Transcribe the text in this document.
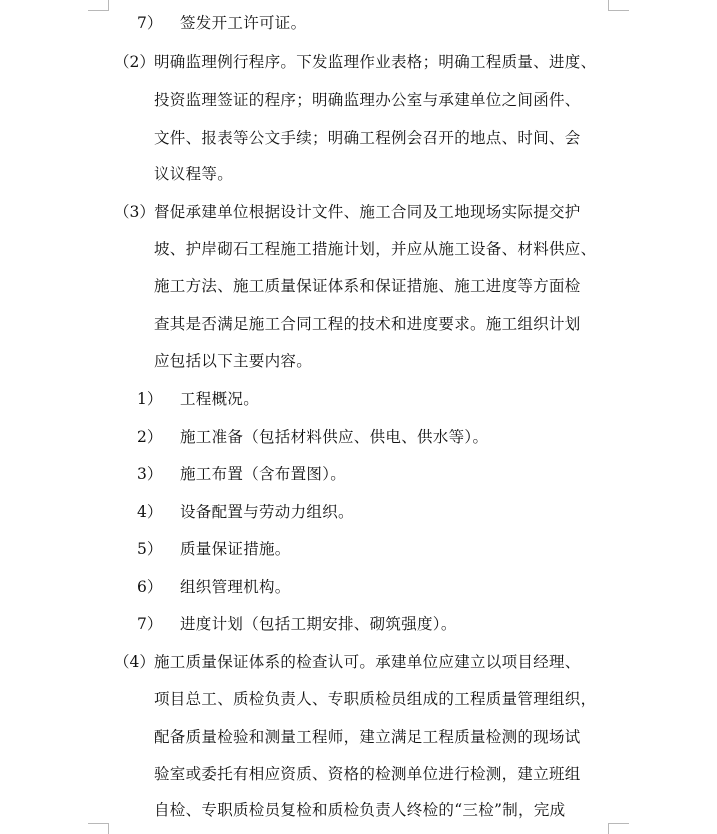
7） 签发开工许可证。
（2） 明确监理例行程序。下发监理作业表格；明确工程质量、进度、
投资监理签证的程序；明确监理办公室与承建单位之间函件、
文件、报表等公文手续；明确工程例会召开的地点、时间、会
议议程等。
（3） 督促承建单位根据设计文件、施工合同及工地现场实际提交护
坡、护岸砌石工程施工措施计划，并应从施工设备、材料供应、
施工方法、施工质量保证体系和保证措施、施工进度等方面检
查其是否满足施工合同工程的技术和进度要求。施工组织计划
应包括以下主要内容。
1） 工程概况。
2） 施工准备（包括材料供应、供电、供水等）。
3） 施工布置（含布置图）。
4） 设备配置与劳动力组织。
5） 质量保证措施。
6） 组织管理机构。
7） 进度计划（包括工期安排、砌筑强度）。
（4） 施工质量保证体系的检查认可。承建单位应建立以项目经理、
项目总工、质检负责人、专职质检员组成的工程质量管理组织，
配备质量检验和测量工程师，建立满足工程质量检测的现场试
验室或委托有相应资质、资格的检测单位进行检测，建立班组
自检、专职质检员复检和质检负责人终检的“三检”制，完成
